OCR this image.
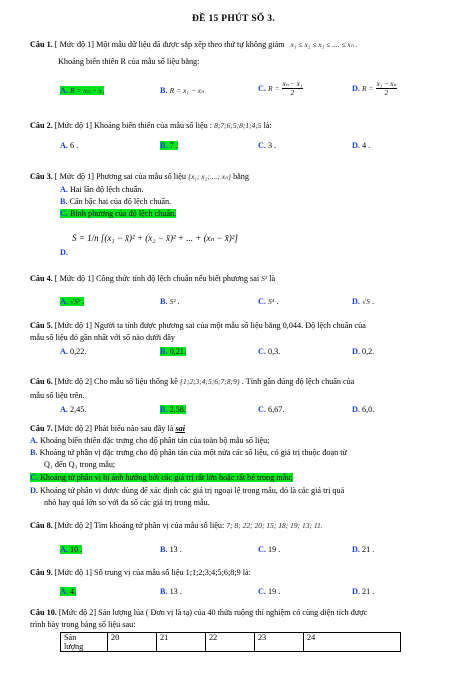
ĐỀ 15 PHÚT SỐ 3.
Câu 1. [ Mức độ 1] Một mẫu dữ liệu đã được sắp xếp theo thứ tự không giảm x₁ ≤ x₂ ≤ x₃ ≤ .... ≤ xₙ .
Khoảng biến thiên R của mẫu số liệu bằng:
A. R = xₙ − x₁	B. R = x₁ − xₙ	C. $R = \frac{\text{xₙ − x₁}}{2}$	D. $R = \frac{\text{x₁ − xₙ}}{2}$
Câu 2. [Mức độ 1] Khoảng biến thiên của mẫu số liệu : 8;7;6;5;8;1;4;5 là:
A. 6 .	B. 7 .	C. 3 .	D. 4 .
Câu 3. [ Mức độ 1] Phương sai của mẫu số liệu {x₁; x₂; ...; xₙ} bằng
A. Hai lần độ lệch chuẩn.
B. Căn bậc hai của độ lệch chuẩn.
C. Bình phương của độ lệch chuẩn.
D.
S = 1/n [(x₁ − x̄)² + (x₂ − x̄)² + ... + (xₙ − x̄)²]
Câu 4. [ Mức độ 1] Công thức tính độ lệch chuẩn nếu biết phương sai S² là
A. √S² .	B. S² .	C. S⁴ .	D. √S .
Câu 5. [Mức độ 1] Người ta tính được phương sai của một mẫu số liệu bằng 0,044. Độ lệch chuẩn của
mẫu số liệu đó gần nhất với số nào dưới đây
A. 0,22.	B. 0,21.	C. 0,3.	D. 0,2.
Câu 6. [Mức độ 2] Cho mẫu số liệu thống kê {1;2;3;4;5;6;7;8;9} . Tính gần đúng độ lệch chuẩn của
mẫu số liệu trên.
A. 2,45.	B. 2,58.	C. 6,67.	D. 6,0.
Câu 7. [Mức độ 2] Phát biểu nào sau đây là sai
A. Khoảng biến thiên đặc trưng cho độ phân tán của toàn bộ mẫu số liệu;
B. Khoảng tứ phân vị đặc trưng cho độ phân tán của một nửa các số liệu, có giá trị thuộc đoạn từ
Q₁ đến Q₃ trong mẫu;
C. Khoảng tứ phân vị bị ảnh hưởng bởi các giá trị rất lớn hoặc rất bé trong mẫu;
D. Khoảng tứ phân vị được dùng để xác định các giá trị ngoại lệ trong mẫu, đó là các giá trị quá
nhỏ hay quá lớn so với đa số các giá trị trong mẫu.
Câu 8. [Mức độ 2] Tìm khoảng tứ phân vị của mẫu số liệu: 7; 8; 22; 20; 15; 18; 19; 13; 11.
A. 10 .	B. 13 .	C. 19 .	D. 21 .
Câu 9. [Mức độ 1] Số trung vị của mẫu số liệu 1;1;2;3;4;5;6;8;9 là:
A. 4.	B. 13 .	C. 19 .	D. 21 .
Câu 10. [Mức độ 2] Sản lượng lúa ( Đơn vị là tạ) của 40 thửa ruộng thí nghiệm có cùng diện tích được
trình bày trong bảng số liệu sau:
Sản
lượng	20	21	22	23	24
